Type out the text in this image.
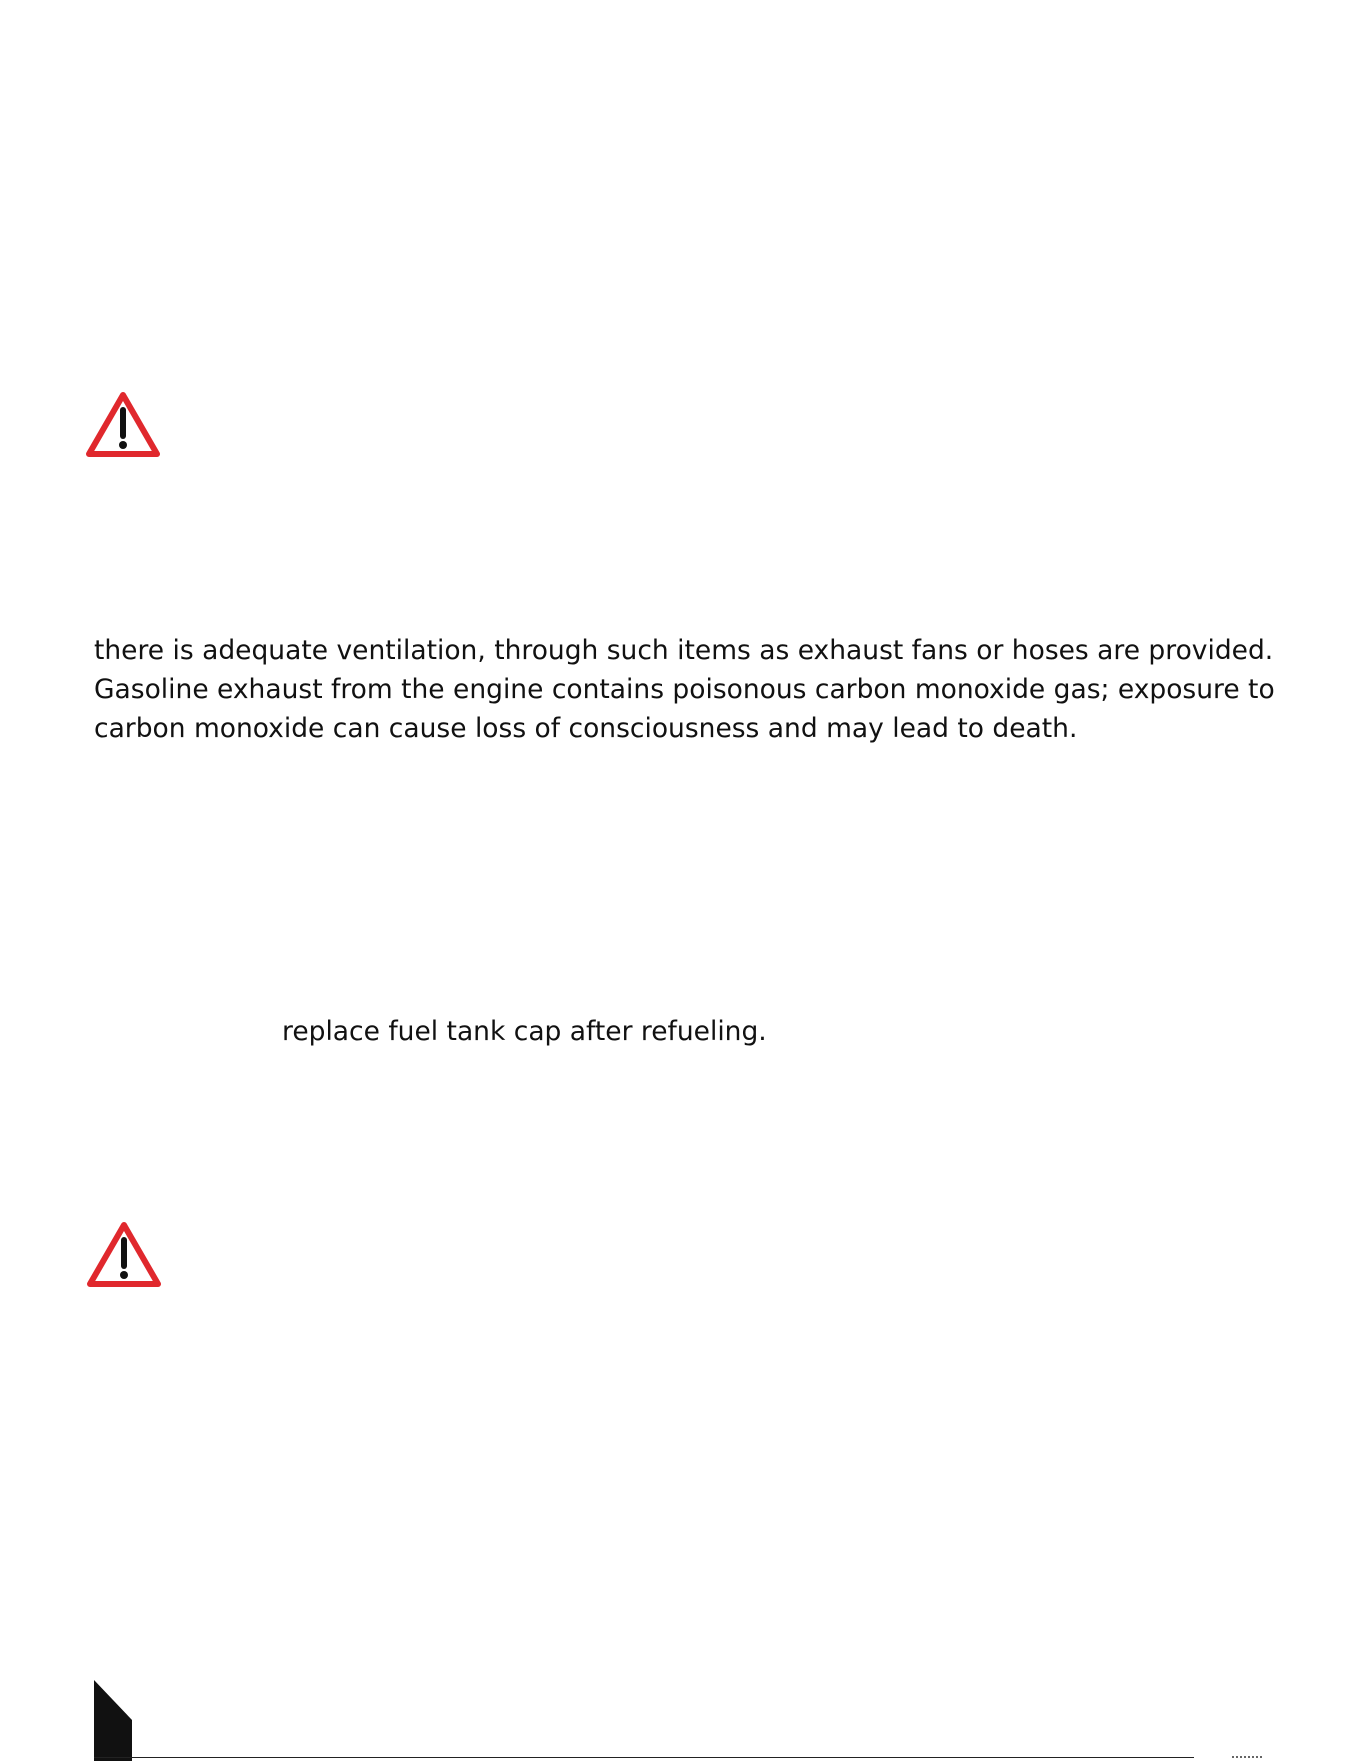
there is adequate ventilation, through such items as exhaust fans or hoses are provided.
Gasoline exhaust from the engine contains poisonous carbon monoxide gas; exposure to
carbon monoxide can cause loss of consciousness and may lead to death.
replace fuel tank cap after refueling.
